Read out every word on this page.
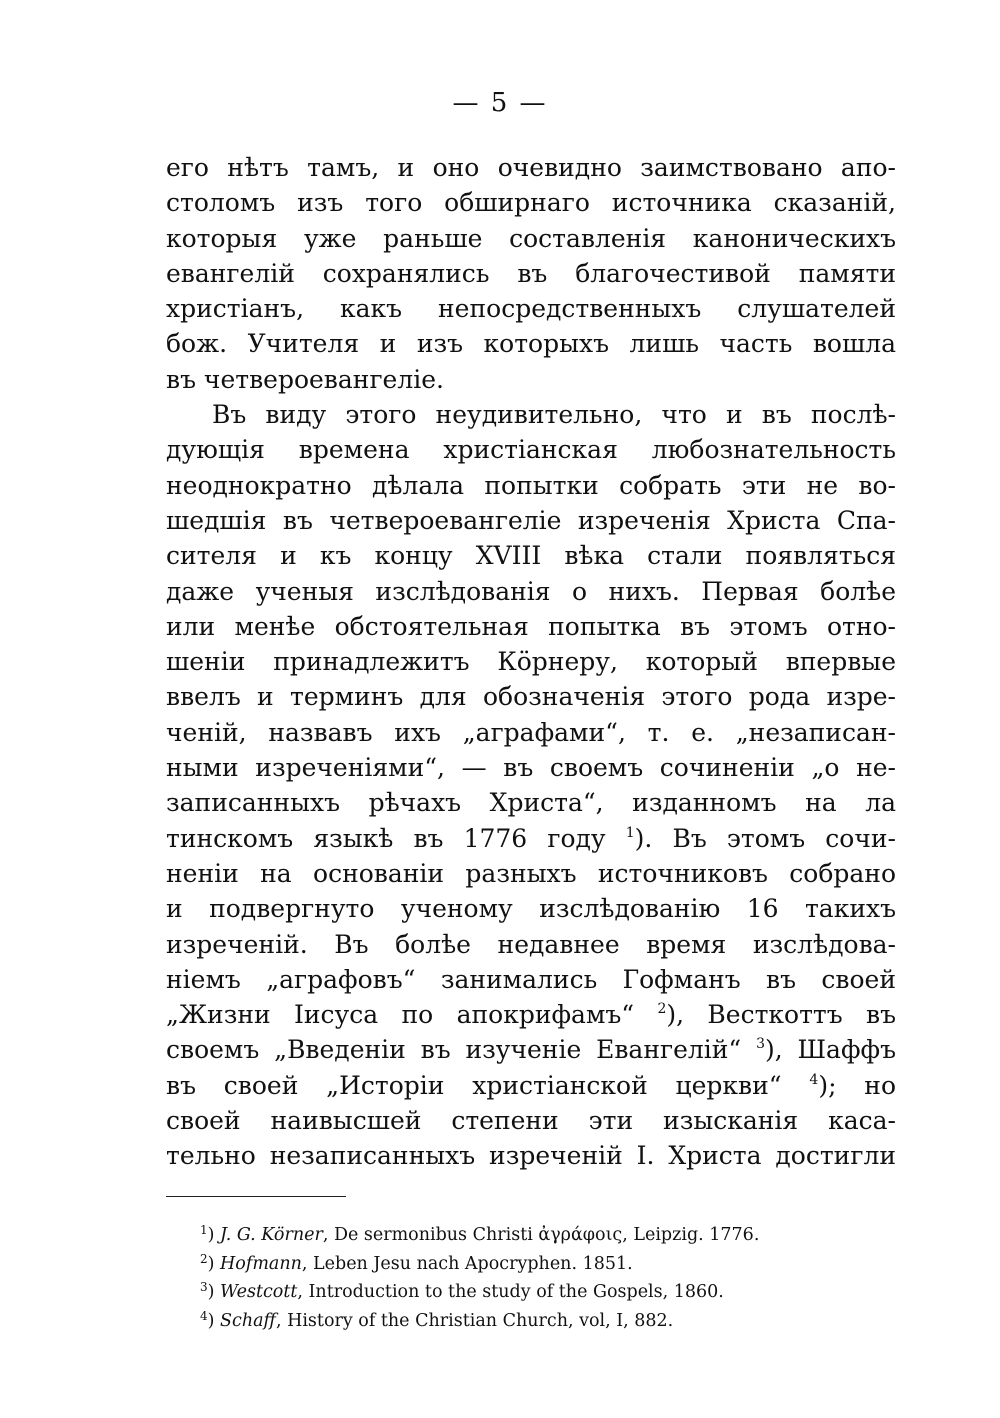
— 5 —
его нѣтъ тамъ, и оно очевидно заимствовано апо-
столомъ изъ того обширнаго источника сказаній,
которыя уже раньше составленія каноническихъ
евангелій сохранялись въ благочестивой памяти
христіанъ, какъ непосредственныхъ слушателей
бож. Учителя и изъ которыхъ лишь часть вошла
въ четвероевангеліе.
Въ виду этого неудивительно, что и въ послѣ-
дующія времена христіанская любознательность
неоднократно дѣлала попытки собрать эти не во-
шедшія въ четвероевангеліе изреченія Христа Спа-
сителя и къ концу XVIII вѣка стали появляться
даже ученыя изслѣдованія о нихъ. Первая болѣе
или менѣе обстоятельная попытка въ этомъ отно-
шеніи принадлежитъ Кӧрнеру, который впервые
ввелъ и терминъ для обозначенія этого рода изре-
ченій, назвавъ ихъ „аграфами“, т. е. „незаписан-
ными изреченіями“, — въ своемъ сочиненіи „о не-
записанныхъ рѣчахъ Христа“, изданномъ на ла
тинскомъ языкѣ въ 1776 году $^1$). Въ этомъ сочи-
неніи на основаніи разныхъ источниковъ собрано
и подвергнуто ученому изслѣдованію 16 такихъ
изреченій. Въ болѣе недавнее время изслѣдова-
ніемъ „аграфовъ“ занимались Гофманъ въ своей
„Жизни Іисуса по апокрифамъ“ $^2$), Весткоттъ въ
своемъ „Введеніи въ изученіе Евангелій“ $^3$), Шаффъ
въ своей „Исторіи христіанской церкви“ $^4$); но
своей наивысшей степени эти изысканія каса-
тельно незаписанныхъ изреченій І. Христа достигли
$^1$) J. G. Körner, De sermonibus Christi ἀγράφοις, Leipzig. 1776.
$^2$) Hofmann, Leben Jesu nach Apocryphen. 1851.
$^3$) Westcott, Introduction to the study of the Gospels, 1860.
$^4$) Schaff, History of the Christian Church, vol, I, 882.
